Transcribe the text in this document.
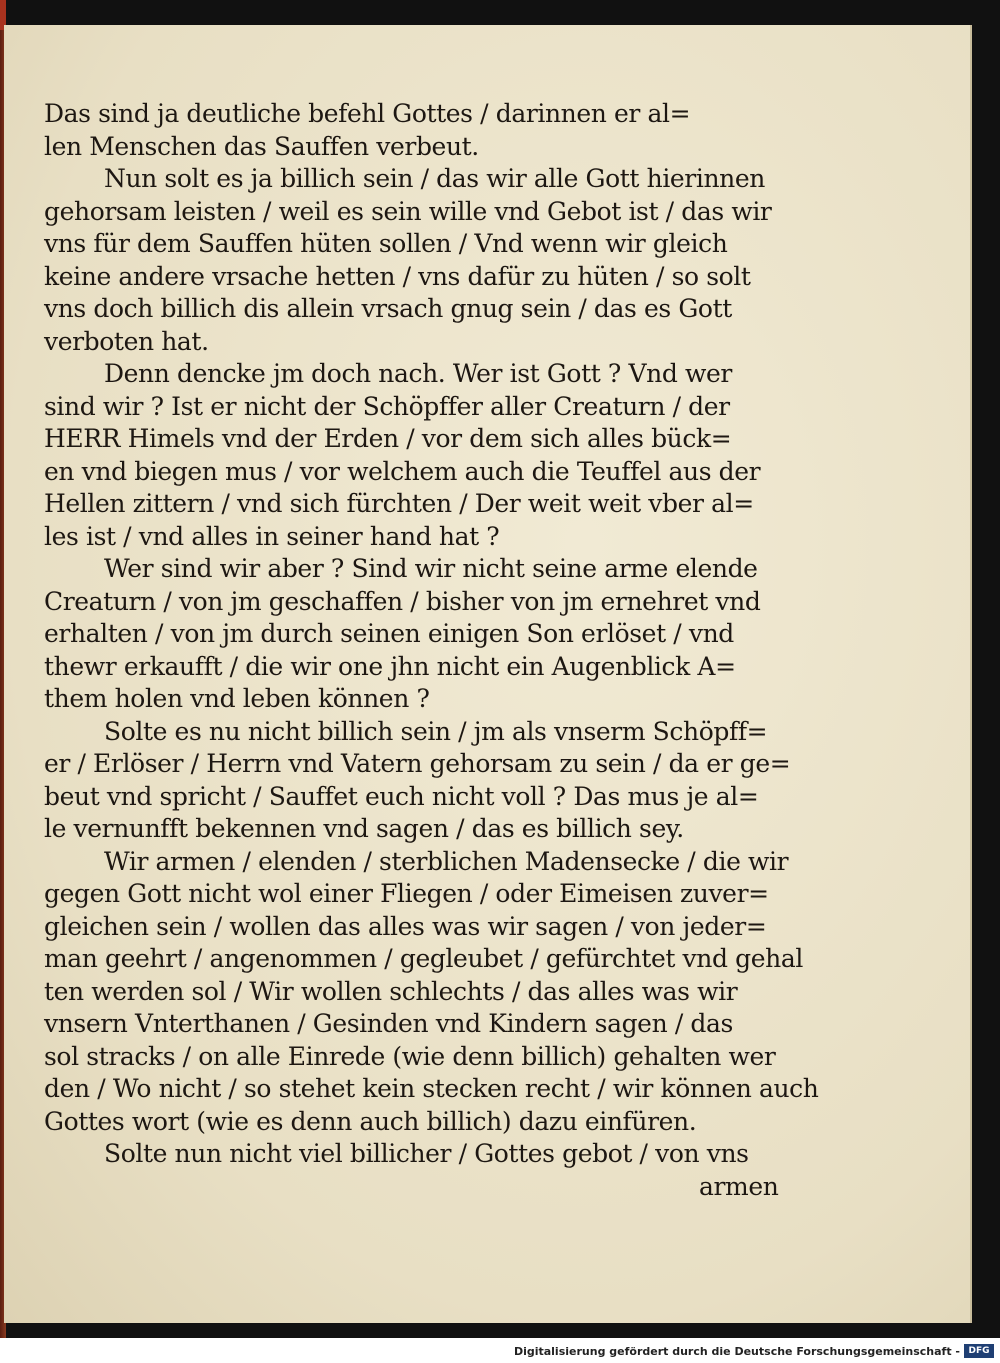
Das sind ja deutliche befehl Gottes / darinnen er al=
len Menschen das Sauffen verbeut.
Nun solt es ja billich sein / das wir alle Gott hierinnen
gehorsam leisten / weil es sein wille vnd Gebot ist / das wir
vns für dem Sauffen hüten sollen / Vnd wenn wir gleich
keine andere vrsache hetten / vns dafür zu hüten / so solt
vns doch billich dis allein vrsach gnug sein / das es Gott
verboten hat.
Denn dencke jm doch nach. Wer ist Gott ? Vnd wer
sind wir ? Ist er nicht der Schöpffer aller Creaturn / der
HERR Himels vnd der Erden / vor dem sich alles bück=
en vnd biegen mus / vor welchem auch die Teuffel aus der
Hellen zittern / vnd sich fürchten / Der weit weit vber al=
les ist / vnd alles in seiner hand hat ?
Wer sind wir aber ? Sind wir nicht seine arme elende
Creaturn / von jm geschaffen / bisher von jm ernehret vnd
erhalten / von jm durch seinen einigen Son erlöset / vnd
thewr erkaufft / die wir one jhn nicht ein Augenblick A=
them holen vnd leben können ?
Solte es nu nicht billich sein / jm als vnserm Schöpff=
er / Erlöser / Herrn vnd Vatern gehorsam zu sein / da er ge=
beut vnd spricht / Sauffet euch nicht voll ? Das mus je al=
le vernunfft bekennen vnd sagen / das es billich sey.
Wir armen / elenden / sterblichen Madensecke / die wir
gegen Gott nicht wol einer Fliegen / oder Eimeisen zuver=
gleichen sein / wollen das alles was wir sagen / von jeder=
man geehrt / angenommen / gegleubet / gefürchtet vnd gehal
ten werden sol / Wir wollen schlechts / das alles was wir
vnsern Vnterthanen / Gesinden vnd Kindern sagen / das
sol stracks / on alle Einrede (wie denn billich) gehalten wer
den / Wo nicht / so stehet kein stecken recht / wir können auch
Gottes wort (wie es denn auch billich) dazu einfüren.
Solte nun nicht viel billicher / Gottes gebot / von vns
armen
Digitalisierung gefördert durch die Deutsche Forschungsgemeinschaft - DFG
